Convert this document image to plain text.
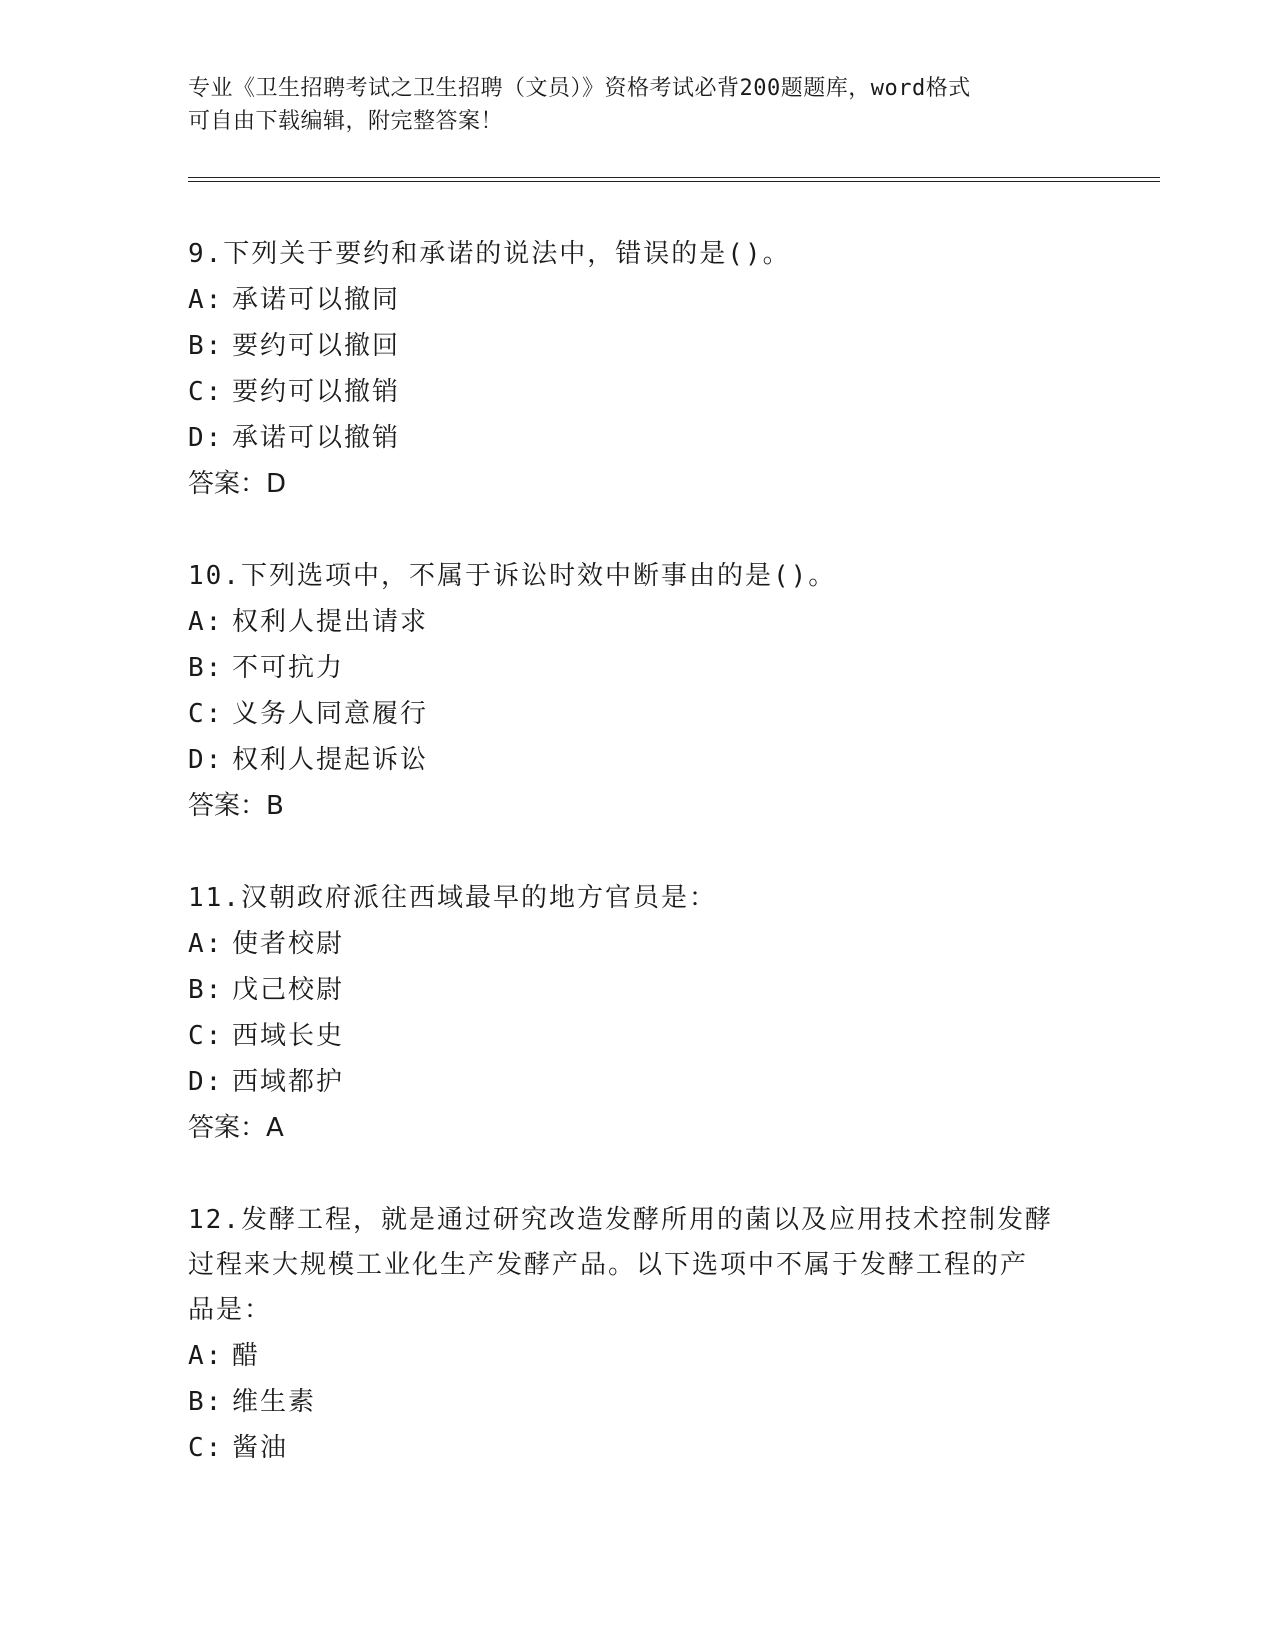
专业《卫生招聘考试之卫生招聘（文员）》资格考试必背200题题库，word格式
可自由下载编辑，附完整答案！

9.下列关于要约和承诺的说法中，错误的是()。

A: 承诺可以撤同

B: 要约可以撤回

C: 要约可以撤销

D: 承诺可以撤销

答案：D

10.下列选项中，不属于诉讼时效中断事由的是()。

A: 权利人提出请求

B: 不可抗力

C: 义务人同意履行

D: 权利人提起诉讼

答案：B

11.汉朝政府派往西域最早的地方官员是：

A: 使者校尉

B: 戊己校尉

C: 西域长史

D: 西域都护

答案：A

12.发酵工程，就是通过研究改造发酵所用的菌以及应用技术控制发酵

过程来大规模工业化生产发酵产品。以下选项中不属于发酵工程的产

品是：

A: 醋

B: 维生素

C: 酱油
